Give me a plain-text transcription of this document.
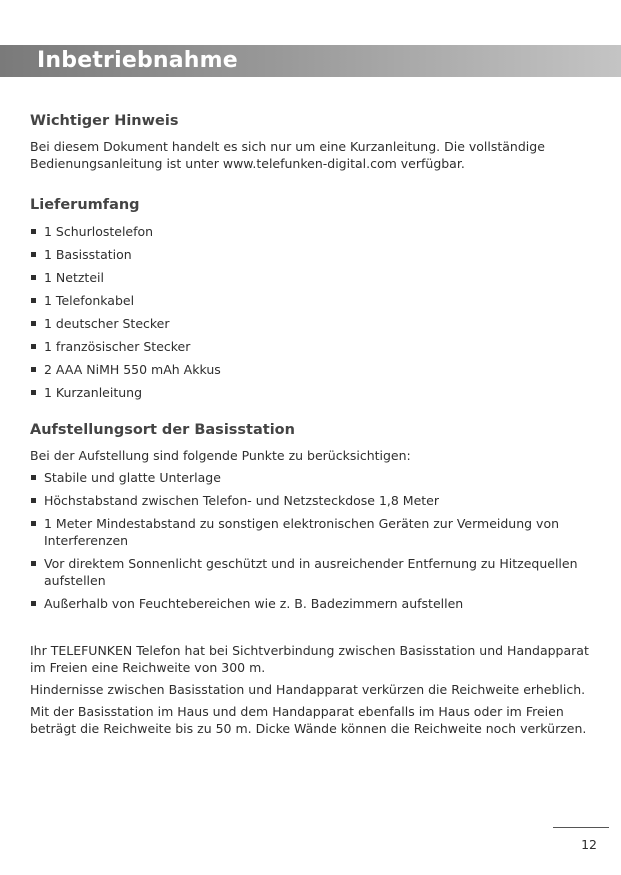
Inbetriebnahme
Wichtiger Hinweis

Bei diesem Dokument handelt es sich nur um eine Kurzanleitung. Die vollständige Bedienungsanleitung ist unter www.telefunken-digital.com verfügbar.

Lieferumfang
1 Schurlostelefon
1 Basisstation
1 Netzteil
1 Telefonkabel
1 deutscher Stecker
1 französischer Stecker
2 AAA NiMH 550 mAh Akkus
1 Kurzanleitung
Aufstellungsort der Basisstation

Bei der Aufstellung sind folgende Punkte zu berücksichtigen:

Stabile und glatte Unterlage
Höchstabstand zwischen Telefon- und Netzsteckdose 1,8 Meter
1 Meter Mindestabstand zu sonstigen elektronischen Geräten zur Vermeidung von Interferenzen
Vor direktem Sonnenlicht geschützt und in ausreichender Entfernung zu Hitzequellen aufstellen
Außerhalb von Feuchtebereichen wie z. B. Badezimmern aufstellen

Ihr TELEFUNKEN Telefon hat bei Sichtverbindung zwischen Basisstation und Handapparat im Freien eine Reichweite von 300 m.

Hindernisse zwischen Basisstation und Handapparat verkürzen die Reichweite erheblich.

Mit der Basisstation im Haus und dem Handapparat ebenfalls im Haus oder im Freien beträgt die Reichweite bis zu 50 m. Dicke Wände können die Reichweite noch verkürzen.

12
